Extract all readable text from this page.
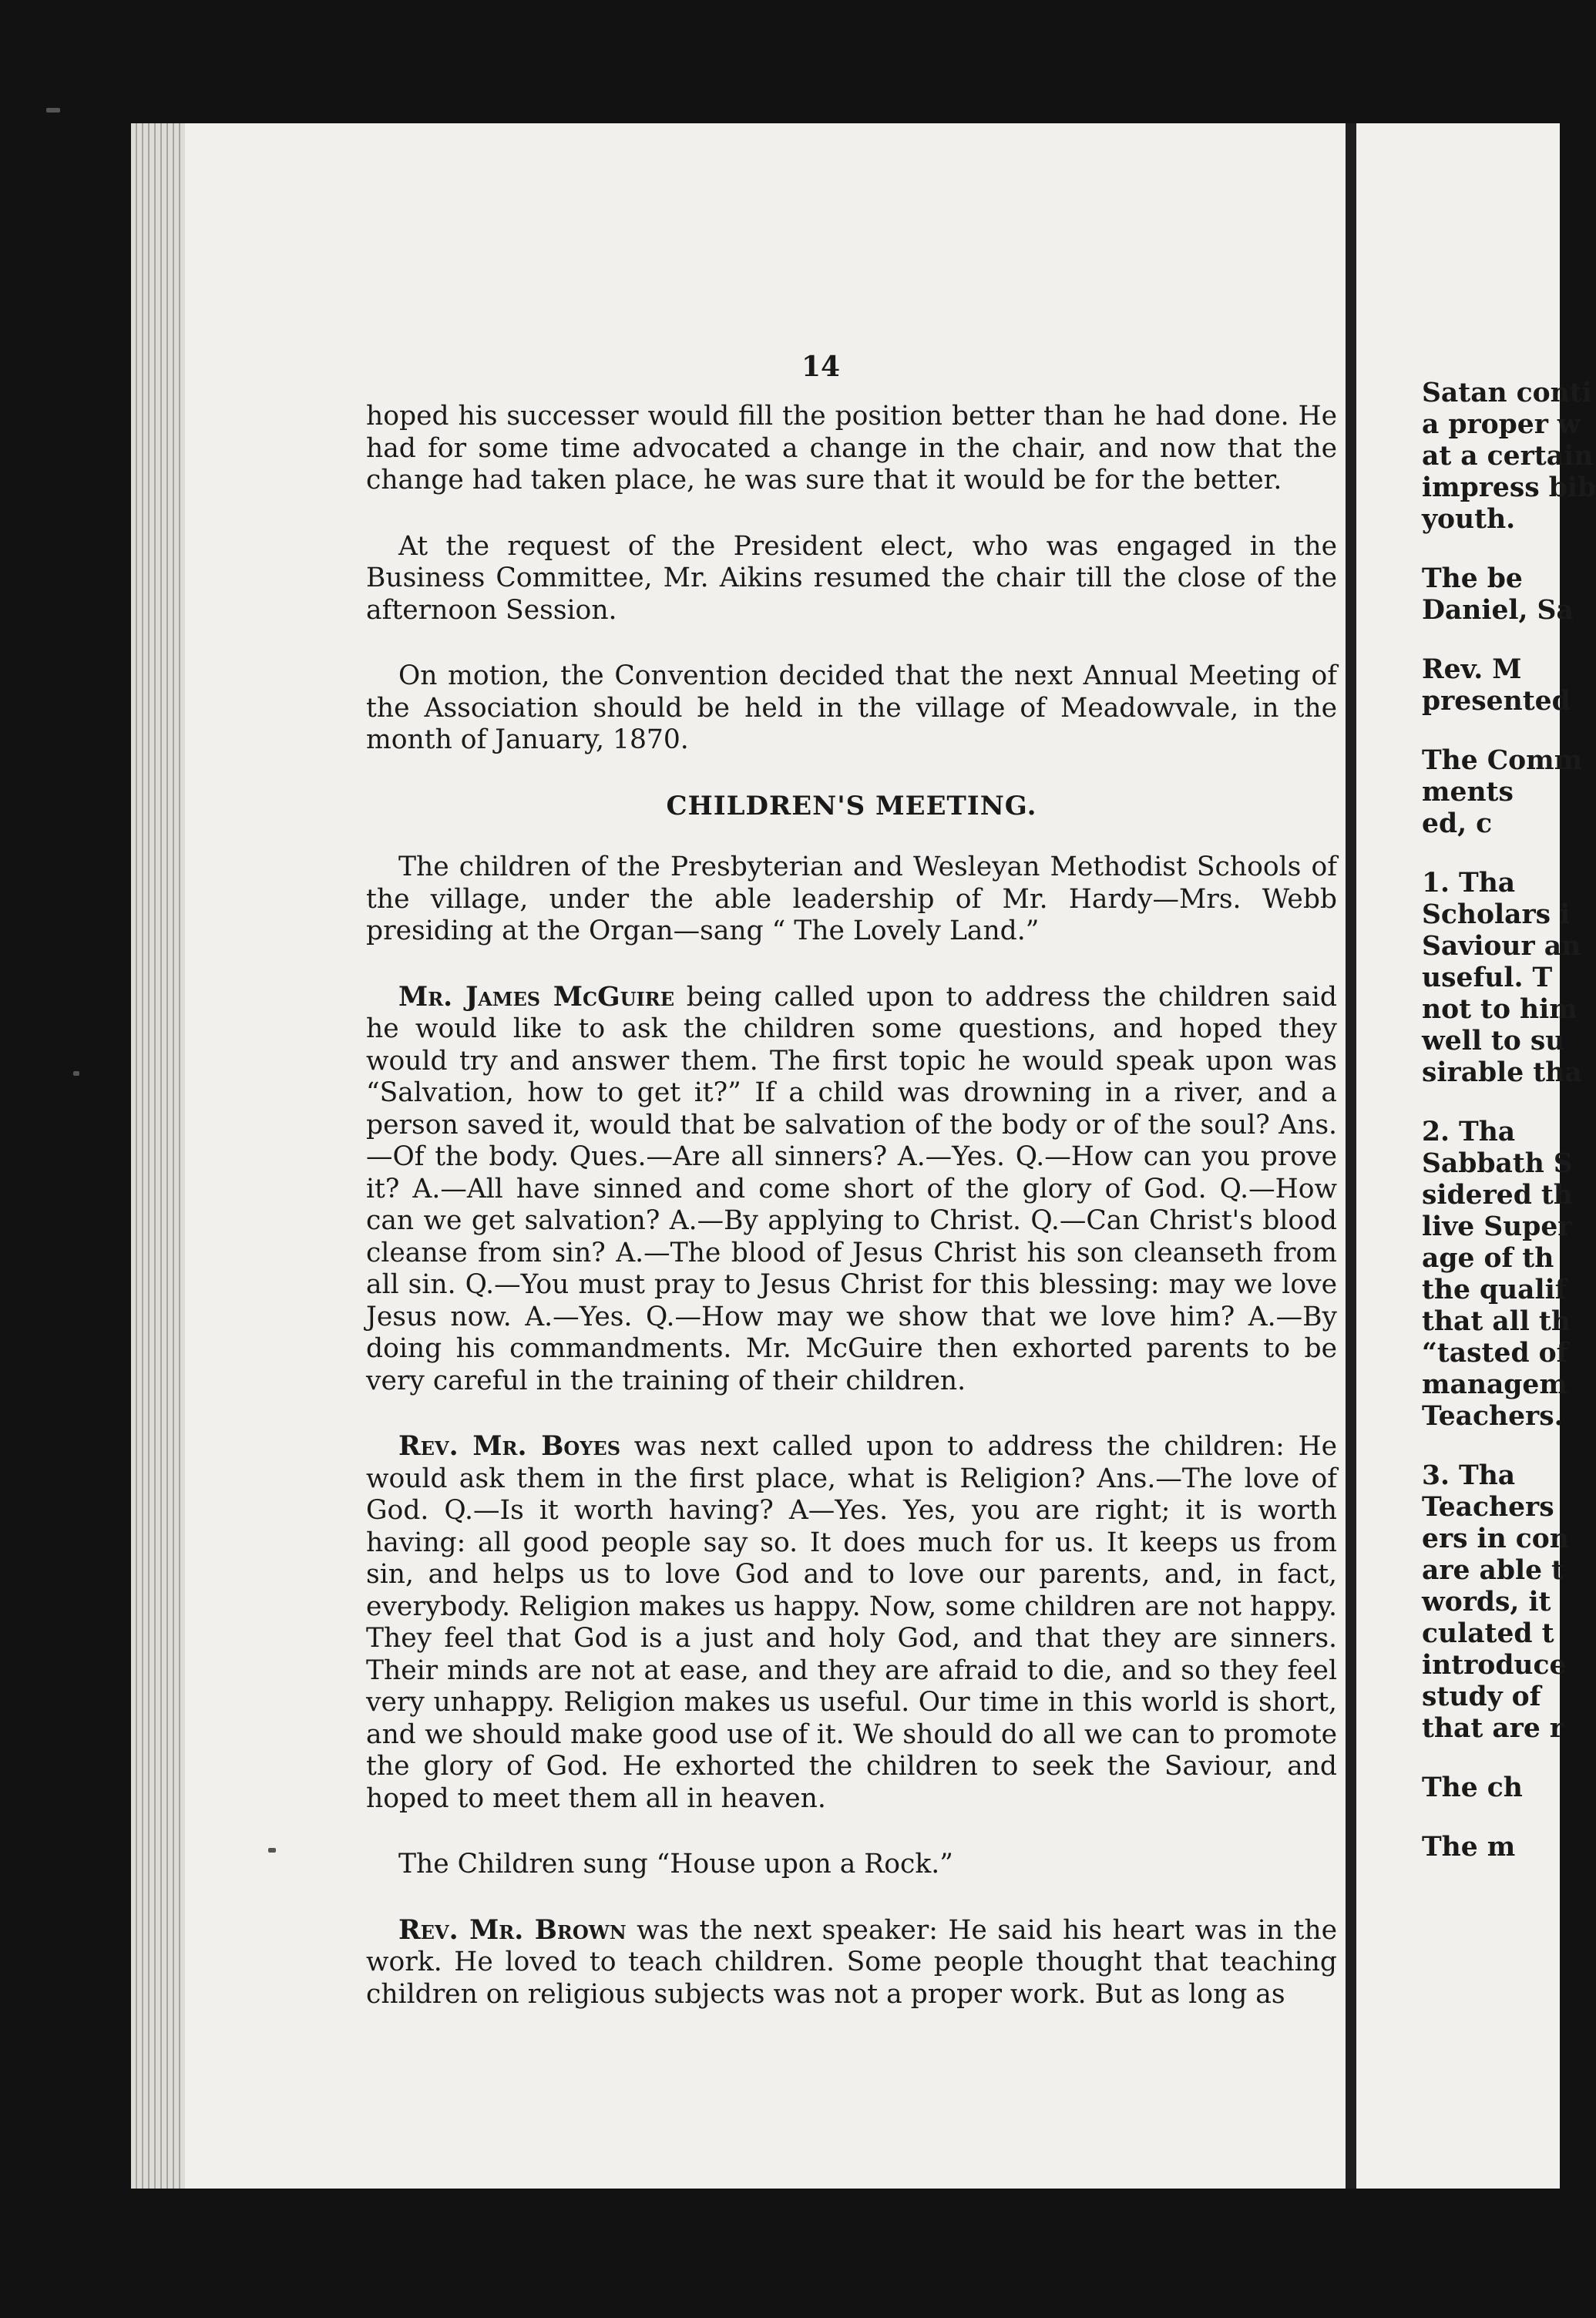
14

hoped his successer would fill the position better than he had done. He had for some time advocated a change in the chair, and now that the change had taken place, he was sure that it would be for the better.

At the request of the President elect, who was engaged in the Business Committee, Mr. Aikins resumed the chair till the close of the afternoon Session.

On motion, the Convention decided that the next Annual Meeting of the Association should be held in the village of Meadowvale, in the month of January, 1870.

CHILDREN'S MEETING.

The children of the Presbyterian and Wesleyan Methodist Schools of the village, under the able leadership of Mr. Hardy—Mrs. Webb presiding at the Organ—sang “ The Lovely Land.”

Mr. James McGuire being called upon to address the children said he would like to ask the children some questions, and hoped they would try and answer them. The first topic he would speak upon was “Salvation, how to get it?” If a child was drowning in a river, and a person saved it, would that be salvation of the body or of the soul? Ans.—Of the body. Ques.—Are all sinners? A.—Yes. Q.—How can you prove it? A.—All have sinned and come short of the glory of God. Q.—How can we get salvation? A.—By applying to Christ. Q.—Can Christ's blood cleanse from sin? A.—The blood of Jesus Christ his son cleanseth from all sin. Q.—You must pray to Jesus Christ for this blessing: may we love Jesus now. A.—Yes. Q.—How may we show that we love him? A.—By doing his commandments. Mr. McGuire then exhorted parents to be very careful in the training of their children.

Rev. Mr. Boyes was next called upon to address the children: He would ask them in the first place, what is Religion? Ans.—The love of God. Q.—Is it worth having? A—Yes. Yes, you are right; it is worth having: all good people say so. It does much for us. It keeps us from sin, and helps us to love God and to love our parents, and, in fact, everybody. Religion makes us happy. Now, some children are not happy. They feel that God is a just and holy God, and that they are sinners. Their minds are not at ease, and they are afraid to die, and so they feel very unhappy. Religion makes us useful. Our time in this world is short, and we should make good use of it. We should do all we can to promote the glory of God. He exhorted the children to seek the Saviour, and hoped to meet them all in heaven.

The Children sung “House upon a Rock.”

Rev. Mr. Brown was the next speaker: He said his heart was in the work. He loved to teach children. Some people thought that teaching children on religious subjects was not a proper work. But as long as

Satan conti
a proper w
at a certain
impress bib
youth.
The be
Daniel, Sa
Rev. M
presented
The Comm
ments
ed, c
1. Tha
Scholars i
Saviour an
useful. T
not to him
well to su
sirable tha
2. Tha
Sabbath S
sidered th
live Super
age of th
the qualif
that all th
“tasted of
managem
Teachers.
3. Tha
Teachers
ers in con
are able t
words, it
culated t
introduce
study of
that are r
The ch
The m
